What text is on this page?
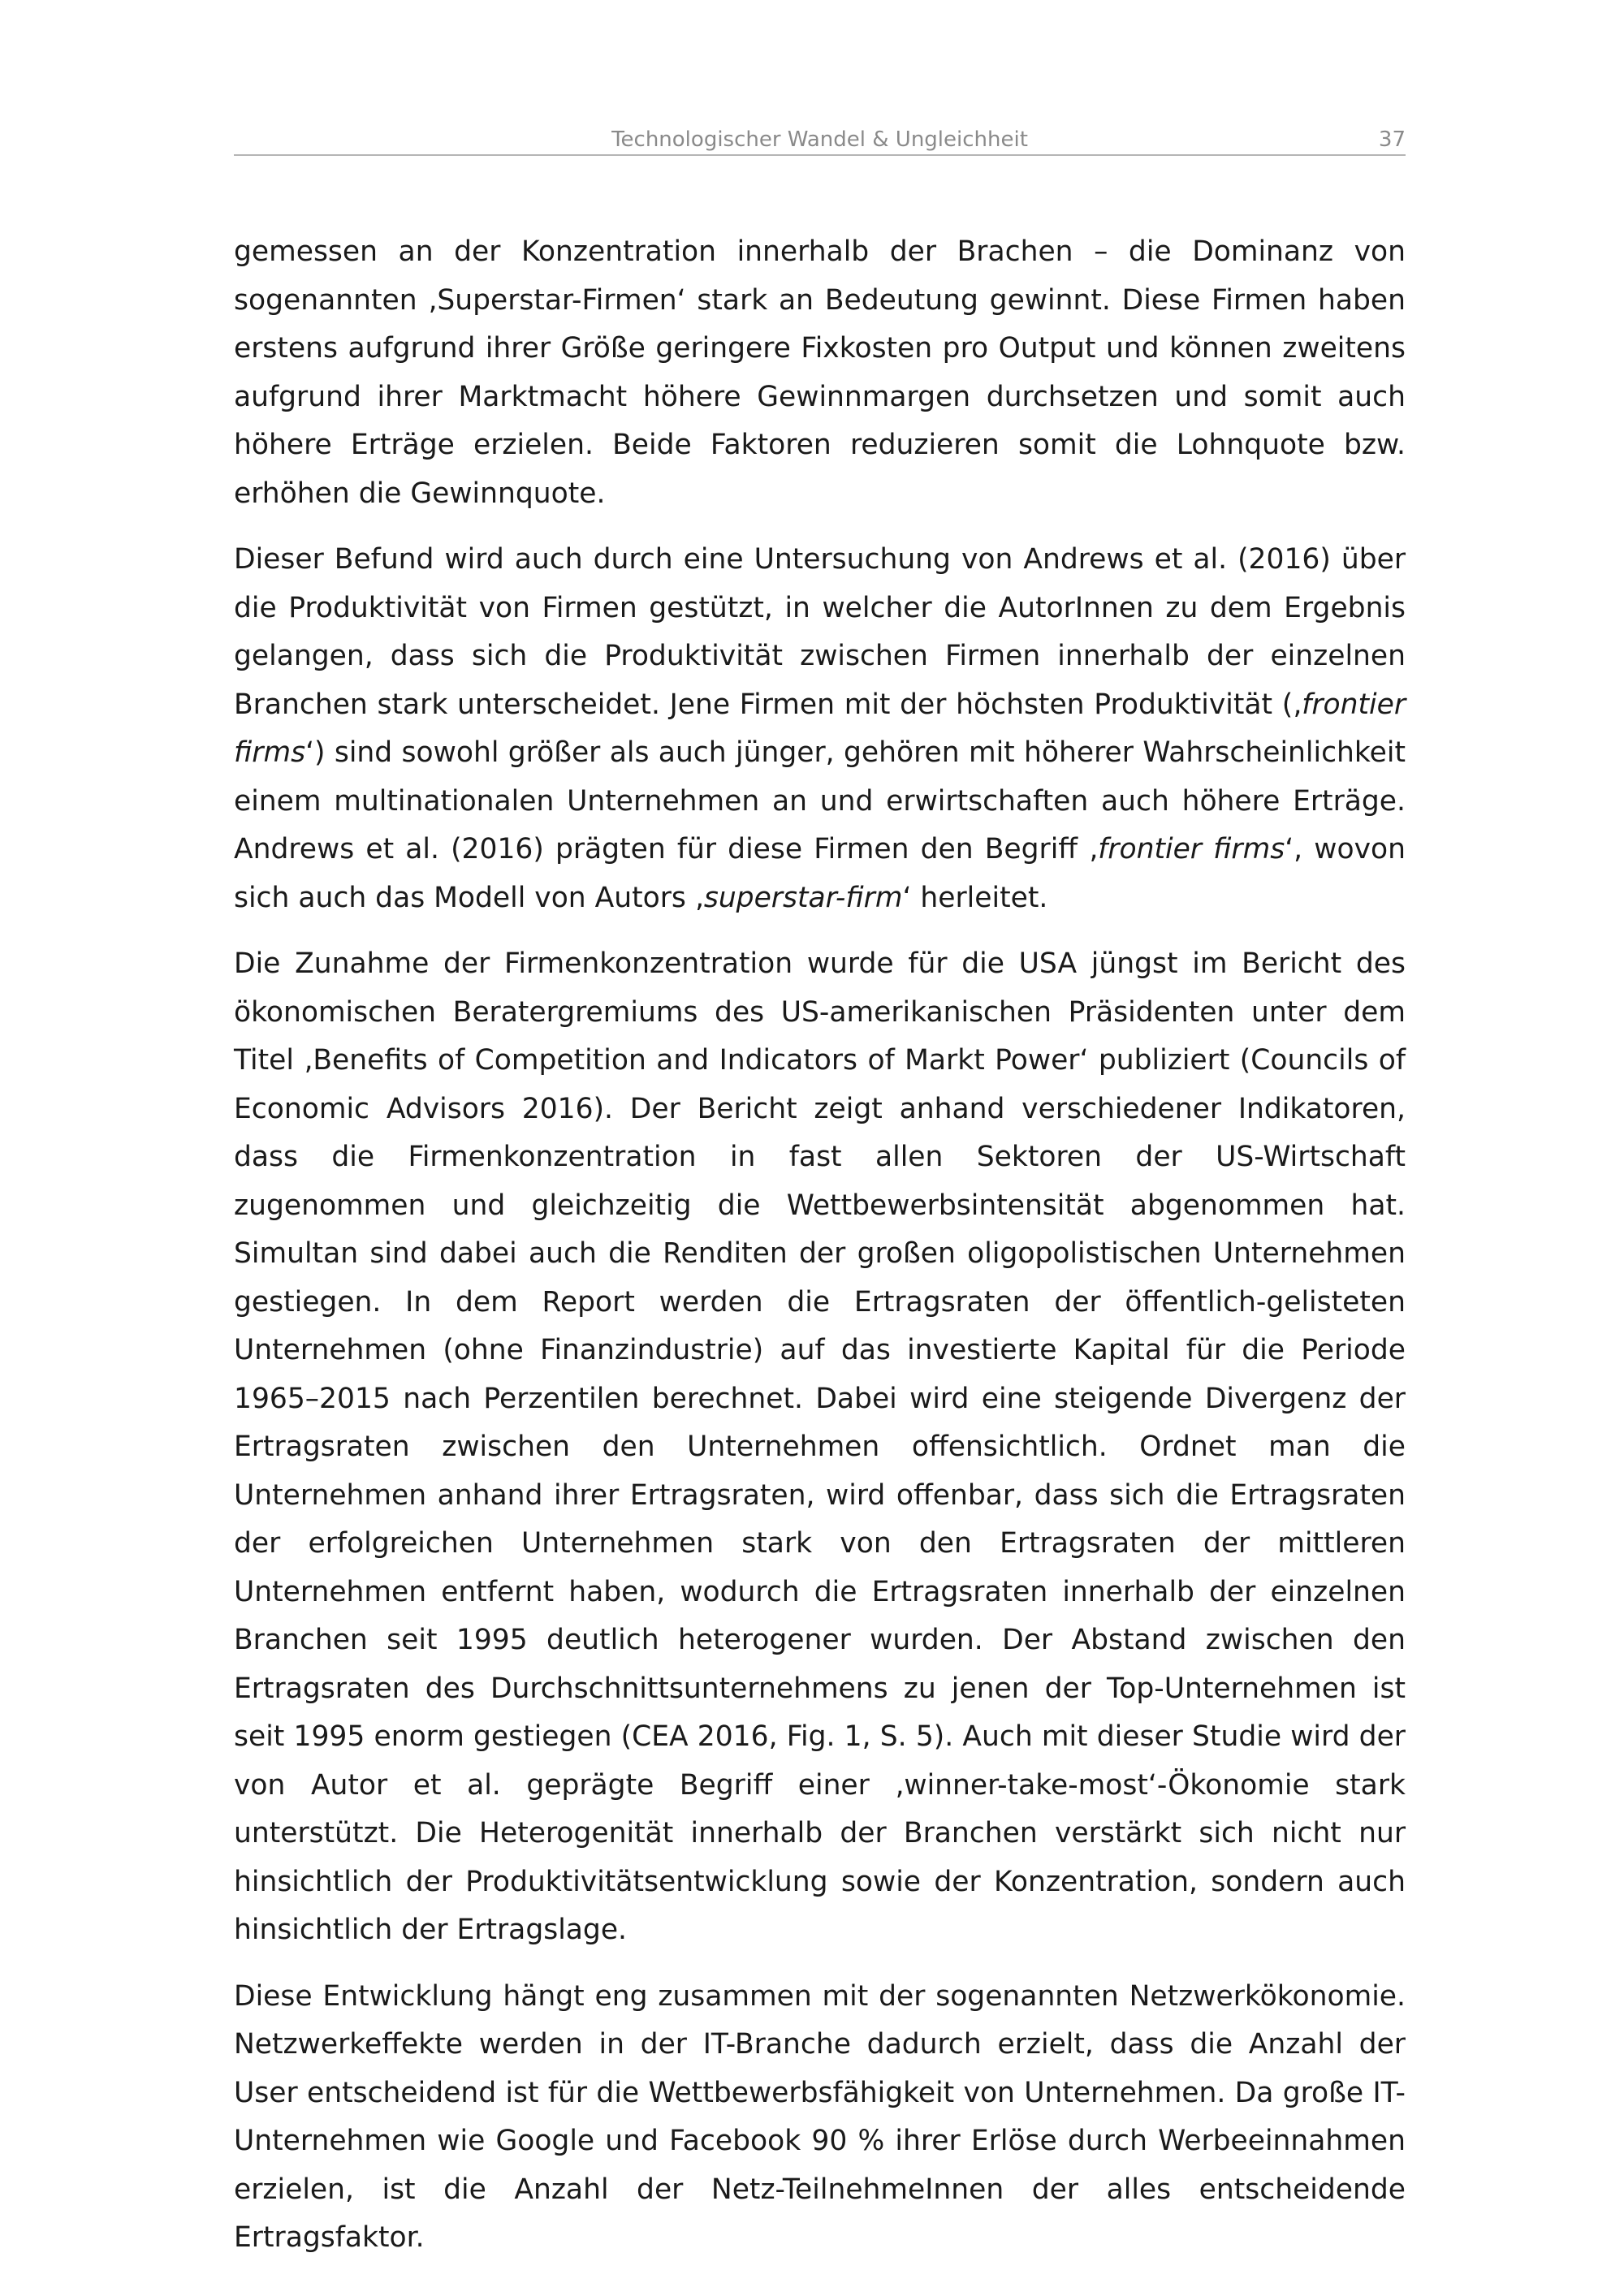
Technologischer Wandel & Ungleichheit	37

gemessen an der Konzentration innerhalb der Brachen – die Dominanz von sogenannten ‚Superstar-Firmen‘ stark an Bedeutung gewinnt. Diese Firmen haben erstens aufgrund ihrer Größe geringere Fixkosten pro Output und können zweitens aufgrund ihrer Marktmacht höhere Gewinnmargen durchsetzen und somit auch höhere Erträge erzielen. Beide Faktoren reduzieren somit die Lohnquote bzw. erhöhen die Gewinnquote.

Dieser Befund wird auch durch eine Untersuchung von Andrews et al. (2016) über die Produktivität von Firmen gestützt, in welcher die AutorInnen zu dem Ergebnis gelangen, dass sich die Produktivität zwischen Firmen innerhalb der einzelnen Branchen stark unterscheidet. Jene Firmen mit der höchsten Produktivität (‚frontier firms‘) sind sowohl größer als auch jünger, gehören mit höherer Wahrscheinlichkeit einem multinationalen Unternehmen an und erwirtschaften auch höhere Erträge. Andrews et al. (2016) prägten für diese Firmen den Begriff ‚frontier firms‘, wovon sich auch das Modell von Autors ‚superstar-firm‘ herleitet.

Die Zunahme der Firmenkonzentration wurde für die USA jüngst im Bericht des ökonomischen Beratergremiums des US-amerikanischen Präsidenten unter dem Titel ‚Benefits of Competition and Indicators of Markt Power‘ publiziert (Councils of Economic Advisors 2016). Der Bericht zeigt anhand verschiedener Indikatoren, dass die Firmenkonzentration in fast allen Sektoren der US-Wirtschaft zugenommen und gleichzeitig die Wettbewerbsintensität abgenommen hat. Simultan sind dabei auch die Renditen der großen oligopolistischen Unternehmen gestiegen. In dem Report werden die Ertragsraten der öffentlich-gelisteten Unternehmen (ohne Finanzindustrie) auf das investierte Kapital für die Periode 1965–2015 nach Perzentilen berechnet. Dabei wird eine steigende Divergenz der Ertragsraten zwischen den Unternehmen offensichtlich. Ordnet man die Unternehmen anhand ihrer Ertragsraten, wird offenbar, dass sich die Ertragsraten der erfolgreichen Unternehmen stark von den Ertragsraten der mittleren Unternehmen entfernt haben, wodurch die Ertragsraten innerhalb der einzelnen Branchen seit 1995 deutlich heterogener wurden. Der Abstand zwischen den Ertragsraten des Durchschnittsunternehmens zu jenen der Top-Unternehmen ist seit 1995 enorm gestiegen (CEA 2016, Fig. 1, S. 5). Auch mit dieser Studie wird der von Autor et al. geprägte Begriff einer ‚winner-take-most‘-Ökonomie stark unterstützt. Die Heterogenität innerhalb der Branchen verstärkt sich nicht nur hinsichtlich der Produktivitätsentwicklung sowie der Konzentration, sondern auch hinsichtlich der Ertragslage.

Diese Entwicklung hängt eng zusammen mit der sogenannten Netzwerkökonomie. Netzwerkeffekte werden in der IT-Branche dadurch erzielt, dass die Anzahl der User entscheidend ist für die Wettbewerbsfähigkeit von Unternehmen. Da große IT-Unternehmen wie Google und Facebook 90 % ihrer Erlöse durch Werbeeinnahmen erzielen, ist die Anzahl der Netz-TeilnehmeInnen der alles entscheidende Ertragsfaktor.
